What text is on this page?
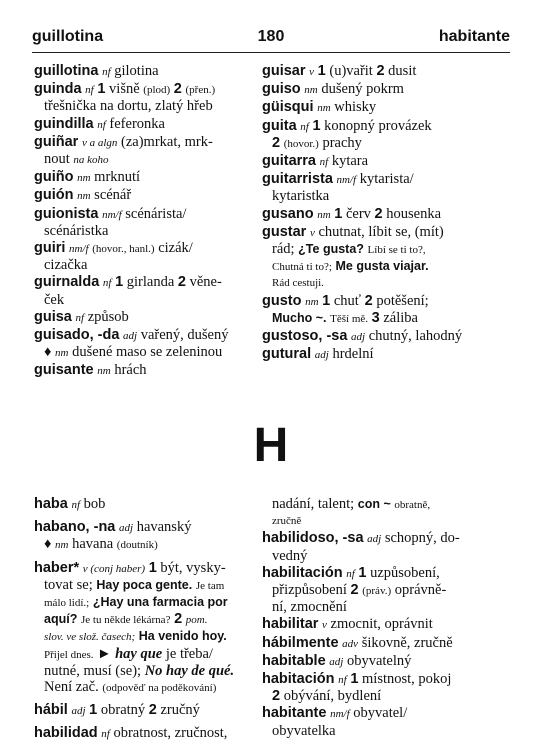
guillotina	180	habitante
guillotina nf gilotina
guinda nf 1 višně (plod) 2 (přen.)
třešnička na dortu, zlatý hřeb
guindilla nf feferonka
guiñar v a algn (za)mrkat, mrk-
nout na koho
guiño nm mrknutí
guión nm scénář
guionista nm/f scénárista/
scénáristka
guiri nm/f (hovor., hanl.) cizák/
cizačka
guirnalda nf 1 girlanda 2 věne-
ček
guisa nf způsob
guisado, -da adj vařený, dušený
♦ nm dušené maso se zeleninou
guisante nm hrách
guisar v 1 (u)vařit 2 dusit
guiso nm dušený pokrm
güisqui nm whisky
guita nf 1 konopný provázek
2 (hovor.) prachy
guitarra nf kytara
guitarrista nm/f kytarista/
kytaristka
gusano nm 1 červ 2 housenka
gustar v chutnat, líbit se, (mít)
rád; ¿Te gusta? Líbí se ti to?,
Chutná ti to?; Me gusta viajar.
Rád cestuji.
gusto nm 1 chuť 2 potěšení;
Mucho ~. Těší mě. 3 záliba
gustoso, -sa adj chutný, lahodný
gutural adj hrdelní
H
haba nf bob
habano, -na adj havanský
♦ nm havana (doutník)
haber* v (conj haber) 1 být, vysky-
tovat se; Hay poca gente. Je tam
málo lidí.; ¿Hay una farmacia por
aquí? Je tu někde lékárna? 2 pom.
slov. ve slož. časech; Ha venido hoy.
Přijel dnes. ► hay que je třeba/
nutné, musí (se); No hay de qué.
Není zač. (odpověď na poděkování)
hábil adj 1 obratný 2 zručný
habilidad nf obratnost, zručnost,
nadání, talent; con ~ obratně,
zručně
habilidoso, -sa adj schopný, do-
vedný
habilitación nf 1 uzpůsobení,
přizpůsobení 2 (práv.) oprávně-
ní, zmocnění
habilitar v zmocnit, oprávnit
hábilmente adv šikovně, zručně
habitable adj obyvatelný
habitación nf 1 místnost, pokoj
2 obývání, bydlení
habitante nm/f obyvatel/
obyvatelka
